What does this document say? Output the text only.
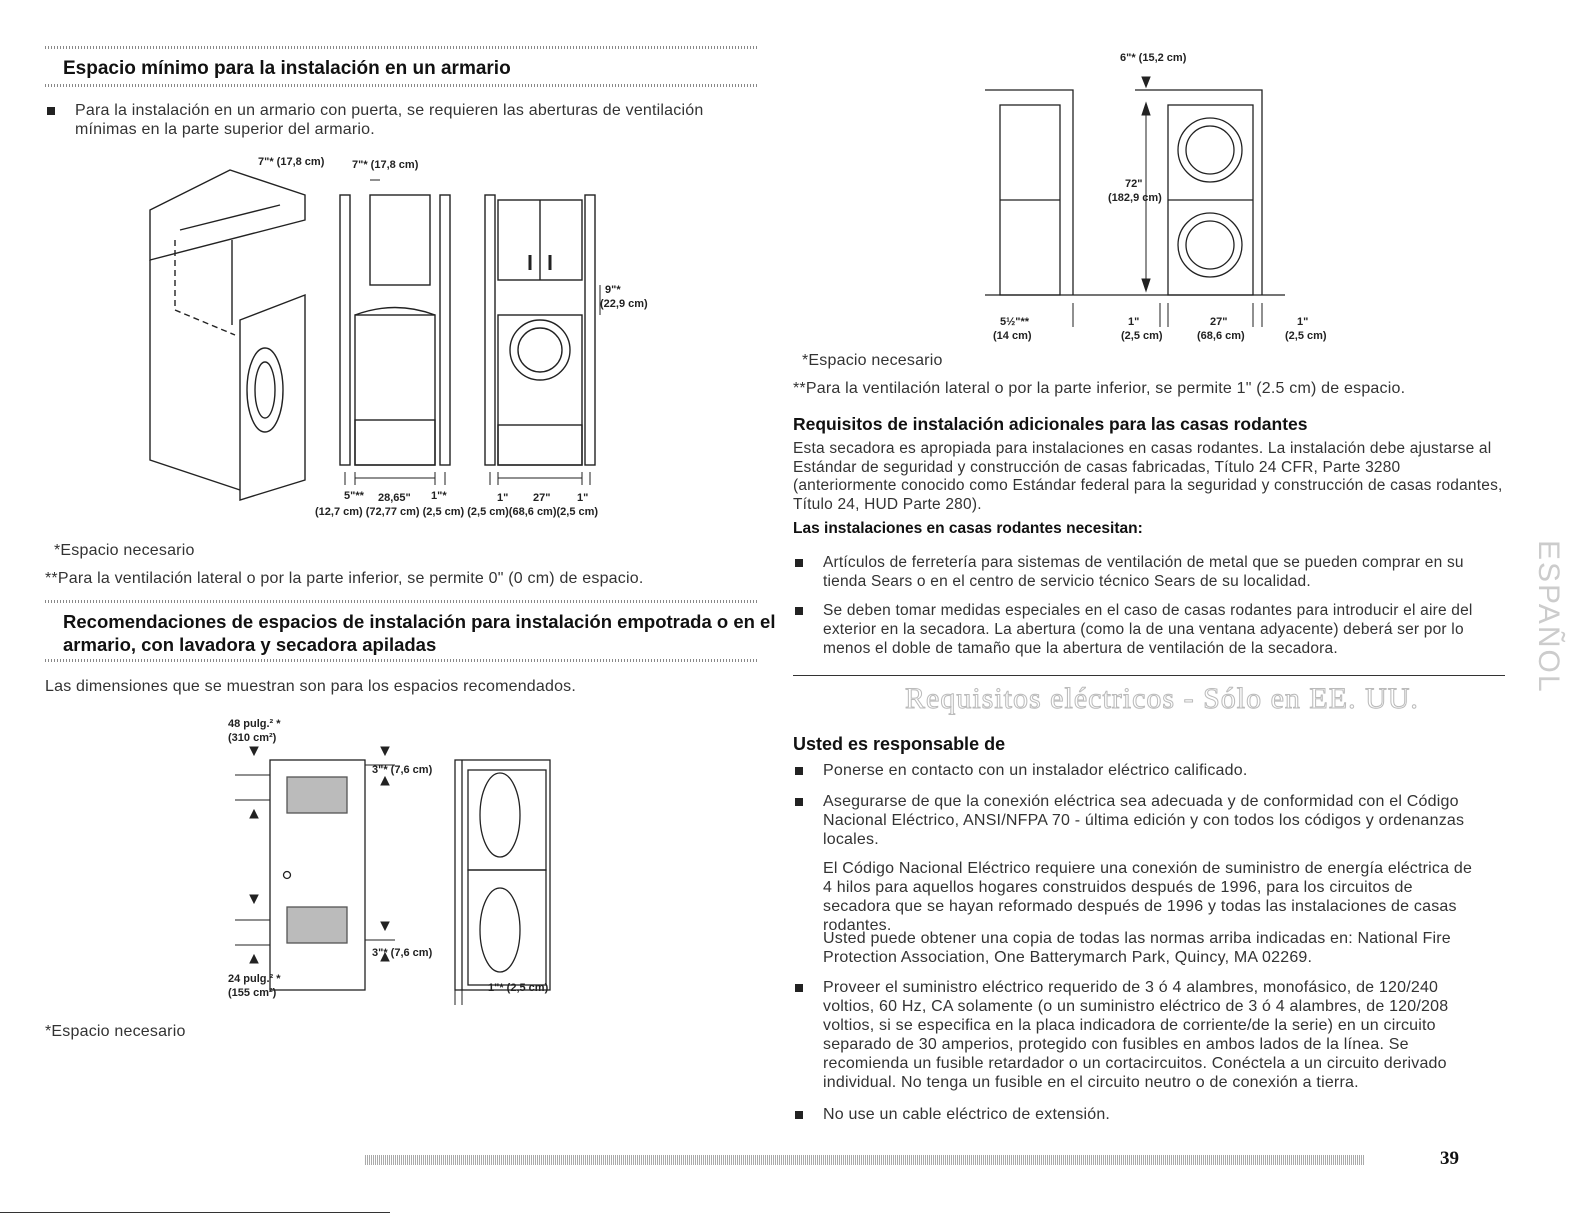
Espacio mínimo para la instalación en un armario
Para la instalación en un armario con puerta, se requieren las aberturas de ventilación mínimas en la parte superior del armario.
7"* (17,8 cm)	7"* (17,8 cm)
9"*
(22,9 cm)
5"** 28,65" 1"*	1" 27" 1"
(12,7 cm) (72,77 cm) (2,5 cm) (2,5 cm)(68,6 cm)(2,5 cm)
*Espacio necesario
**Para la ventilación lateral o por la parte inferior, se permite 0" (0 cm) de espacio.
Recomendaciones de espacios de instalación para instalación empotrada o en el
armario, con lavadora y secadora apiladas
Las dimensiones que se muestran son para los espacios recomendados.
48 pulg.² *
(310 cm²)
3"* (7,6 cm)
3"* (7,6 cm)
24 pulg.² *
(155 cm²)	1"* (2,5 cm)
*Espacio necesario
6"* (15,2 cm)
72"
(182,9 cm)
5½"**
(14 cm)
1"
(2,5 cm)
27"
(68,6 cm)
1"
(2,5 cm)
*Espacio necesario
**Para la ventilación lateral o por la parte inferior, se permite 1" (2.5 cm) de espacio.
Requisitos de instalación adicionales para las casas rodantes
Esta secadora es apropiada para instalaciones en casas rodantes. La instalación debe ajustarse al Estándar de seguridad y construcción de casas fabricadas, Título 24 CFR, Parte 3280 (anteriormente conocido como Estándar federal para la seguridad y construcción de casas rodantes, Título 24, HUD Parte 280).
Las instalaciones en casas rodantes necesitan:
Artículos de ferretería para sistemas de ventilación de metal que se pueden comprar en su tienda Sears o en el centro de servicio técnico Sears de su localidad.
Se deben tomar medidas especiales en el caso de casas rodantes para introducir el aire del exterior en la secadora. La abertura (como la de una ventana adyacente) deberá ser por lo menos el doble de tamaño que la abertura de ventilación de la secadora.
Requisitos eléctricos - Sólo en EE. UU.
Usted es responsable de
Ponerse en contacto con un instalador eléctrico calificado.
Asegurarse de que la conexión eléctrica sea adecuada y de conformidad con el Código Nacional Eléctrico, ANSI/NFPA 70 - última edición y con todos los códigos y ordenanzas locales.
El Código Nacional Eléctrico requiere una conexión de suministro de energía eléctrica de 4 hilos para aquellos hogares construidos después de 1996, para los circuitos de secadora que se hayan reformado después de 1996 y todas las instalaciones de casas rodantes.
Usted puede obtener una copia de todas las normas arriba indicadas en: National Fire Protection Association, One Batterymarch Park, Quincy, MA 02269.
Proveer el suministro eléctrico requerido de 3 ó 4 alambres, monofásico, de 120/240 voltios, 60 Hz, CA solamente (o un suministro eléctrico de 3 ó 4 alambres, de 120/208 voltios, si se especifica en la placa indicadora de corriente/de la serie) en un circuito separado de 30 amperios, protegido con fusibles en ambos lados de la línea. Se recomienda un fusible retardador o un cortacircuitos. Conéctela a un circuito derivado individual. No tenga un fusible en el circuito neutro o de conexión a tierra.
No use un cable eléctrico de extensión.
ESPAÑOL
39
